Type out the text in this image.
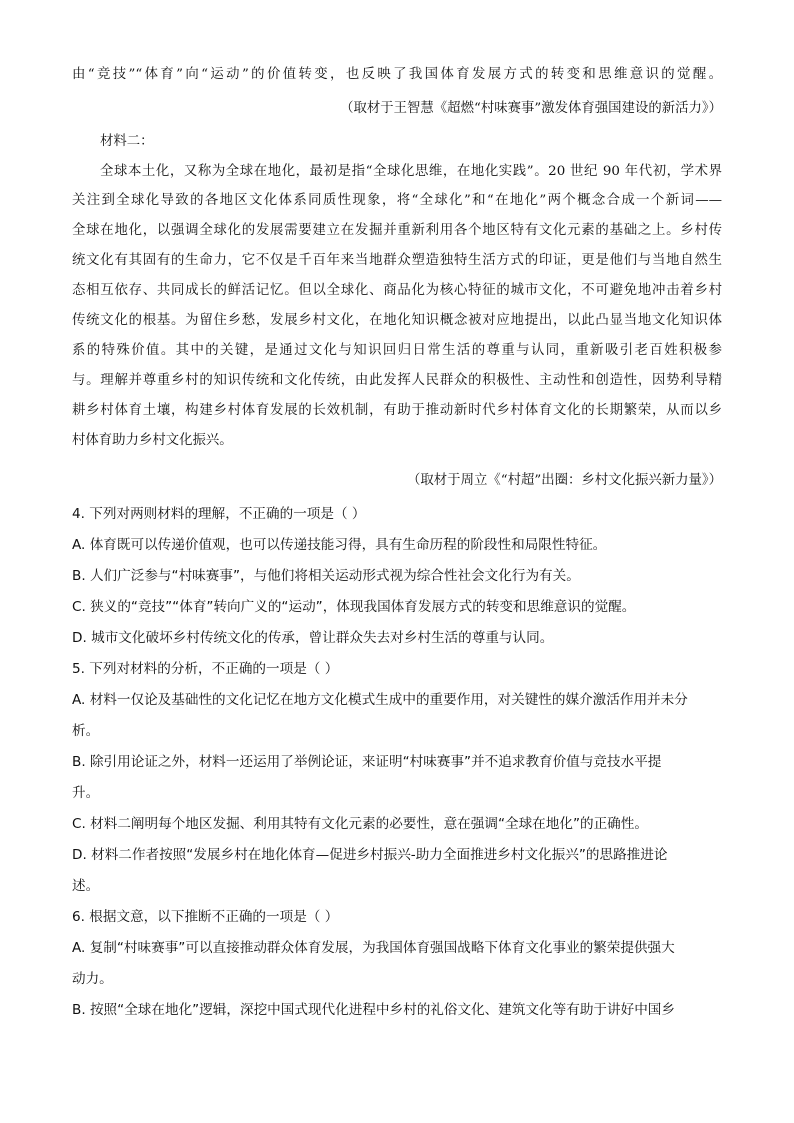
由“竞技”“体育”向“运动”的价值转变，也反映了我国体育发展方式的转变和思维意识的觉醒。
（取材于王智慧《超燃“村味赛事”激发体育强国建设的新活力》）
材料二：
全球本土化，又称为全球在地化，最初是指“全球化思维，在地化实践”。20 世纪 90 年代初，学术界
关注到全球化导致的各地区文化体系同质性现象，将“全球化”和“在地化”两个概念合成一个新词——
全球在地化，以强调全球化的发展需要建立在发掘并重新利用各个地区特有文化元素的基础之上。乡村传
统文化有其固有的生命力，它不仅是千百年来当地群众塑造独特生活方式的印证，更是他们与当地自然生
态相互依存、共同成长的鲜活记忆。但以全球化、商品化为核心特征的城市文化，不可避免地冲击着乡村
传统文化的根基。为留住乡愁，发展乡村文化，在地化知识概念被对应地提出，以此凸显当地文化知识体
系的特殊价值。其中的关键，是通过文化与知识回归日常生活的尊重与认同，重新吸引老百姓积极参
与。理解并尊重乡村的知识传统和文化传统，由此发挥人民群众的积极性、主动性和创造性，因势利导精
耕乡村体育土壤，构建乡村体育发展的长效机制，有助于推动新时代乡村体育文化的长期繁荣，从而以乡
村体育助力乡村文化振兴。
（取材于周立《“村超”出圈：乡村文化振兴新力量》）
4. 下列对两则材料的理解，不正确的一项是（ ）
A. 体育既可以传递价值观，也可以传递技能习得，具有生命历程的阶段性和局限性特征。
B. 人们广泛参与“村味赛事”，与他们将相关运动形式视为综合性社会文化行为有关。
C. 狭义的“竞技”“体育”转向广义的“运动”，体现我国体育发展方式的转变和思维意识的觉醒。
D. 城市文化破坏乡村传统文化的传承，曾让群众失去对乡村生活的尊重与认同。
5. 下列对材料的分析，不正确的一项是（ ）
A. 材料一仅论及基础性的文化记忆在地方文化模式生成中的重要作用，对关键性的媒介激活作用并未分
析。
B. 除引用论证之外，材料一还运用了举例论证，来证明“村味赛事”并不追求教育价值与竞技水平提
升。
C. 材料二阐明每个地区发掘、利用其特有文化元素的必要性，意在强调“全球在地化”的正确性。
D. 材料二作者按照“发展乡村在地化体育—促进乡村振兴-助力全面推进乡村文化振兴”的思路推进论
述。
6. 根据文意，以下推断不正确的一项是（ ）
A. 复制“村味赛事”可以直接推动群众体育发展，为我国体育强国战略下体育文化事业的繁荣提供强大
动力。
B. 按照“全球在地化”逻辑，深挖中国式现代化进程中乡村的礼俗文化、建筑文化等有助于讲好中国乡
